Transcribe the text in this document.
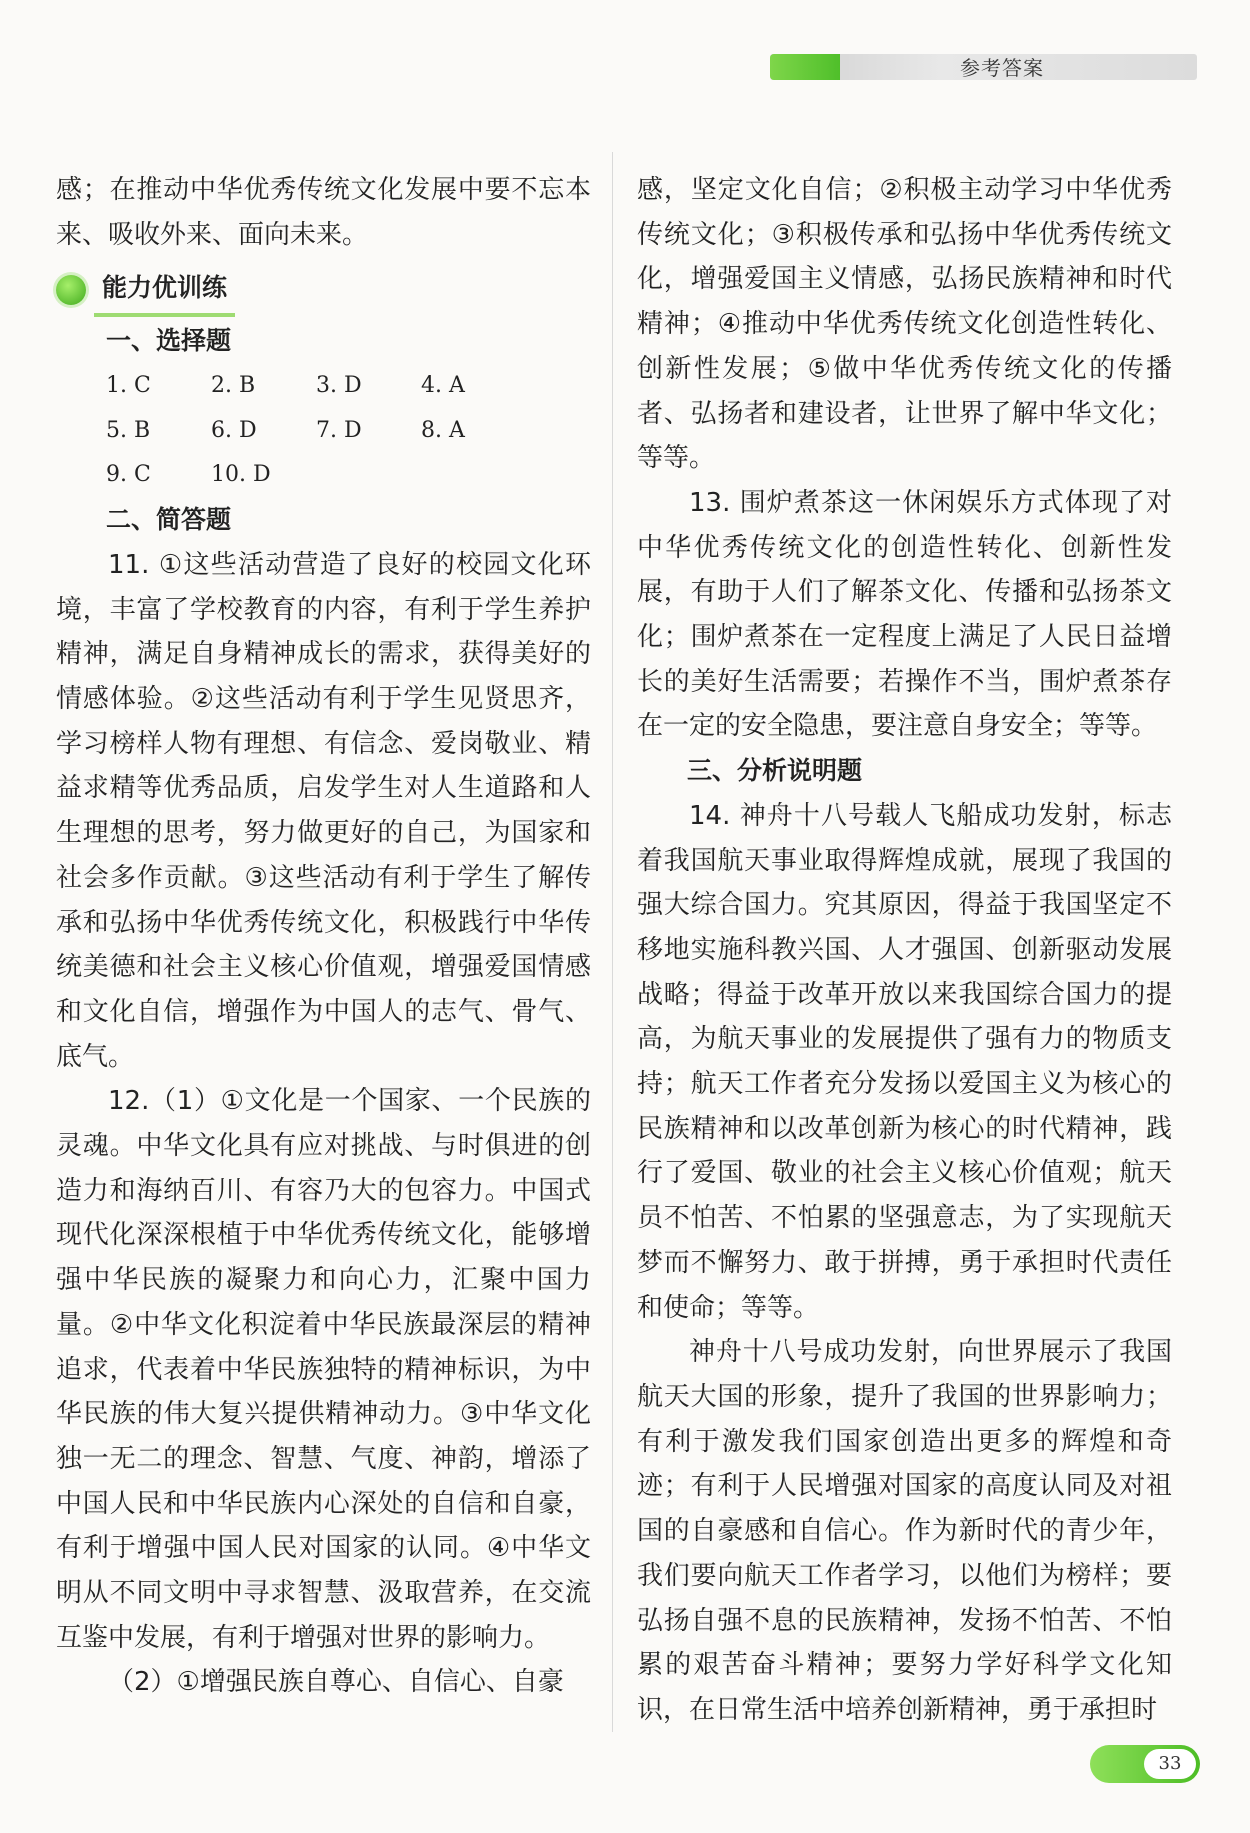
参考答案

感；在推动中华优秀传统文化发展中要不忘本来、吸收外来、面向未来。

能力优训练

一、选择题

1. C	2. B	3. D	4. A
5. B	6. D	7. D	8. A
9. C	10. D

二、简答题

11. ①这些活动营造了良好的校园文化环境，丰富了学校教育的内容，有利于学生养护精神，满足自身精神成长的需求，获得美好的情感体验。②这些活动有利于学生见贤思齐，学习榜样人物有理想、有信念、爱岗敬业、精益求精等优秀品质，启发学生对人生道路和人生理想的思考，努力做更好的自己，为国家和社会多作贡献。③这些活动有利于学生了解传承和弘扬中华优秀传统文化，积极践行中华传统美德和社会主义核心价值观，增强爱国情感和文化自信，增强作为中国人的志气、骨气、底气。

12.（1）①文化是一个国家、一个民族的灵魂。中华文化具有应对挑战、与时俱进的创造力和海纳百川、有容乃大的包容力。中国式现代化深深根植于中华优秀传统文化，能够增强中华民族的凝聚力和向心力，汇聚中国力量。②中华文化积淀着中华民族最深层的精神追求，代表着中华民族独特的精神标识，为中华民族的伟大复兴提供精神动力。③中华文化独一无二的理念、智慧、气度、神韵，增添了中国人民和中华民族内心深处的自信和自豪，有利于增强中国人民对国家的认同。④中华文明从不同文明中寻求智慧、汲取营养，在交流互鉴中发展，有利于增强对世界的影响力。

（2）①增强民族自尊心、自信心、自豪

感，坚定文化自信；②积极主动学习中华优秀传统文化；③积极传承和弘扬中华优秀传统文化，增强爱国主义情感，弘扬民族精神和时代精神；④推动中华优秀传统文化创造性转化、创新性发展；⑤做中华优秀传统文化的传播者、弘扬者和建设者，让世界了解中华文化；等等。

13. 围炉煮茶这一休闲娱乐方式体现了对中华优秀传统文化的创造性转化、创新性发展，有助于人们了解茶文化、传播和弘扬茶文化；围炉煮茶在一定程度上满足了人民日益增长的美好生活需要；若操作不当，围炉煮茶存在一定的安全隐患，要注意自身安全；等等。

三、分析说明题

14. 神舟十八号载人飞船成功发射，标志着我国航天事业取得辉煌成就，展现了我国的强大综合国力。究其原因，得益于我国坚定不移地实施科教兴国、人才强国、创新驱动发展战略；得益于改革开放以来我国综合国力的提高，为航天事业的发展提供了强有力的物质支持；航天工作者充分发扬以爱国主义为核心的民族精神和以改革创新为核心的时代精神，践行了爱国、敬业的社会主义核心价值观；航天员不怕苦、不怕累的坚强意志，为了实现航天梦而不懈努力、敢于拼搏，勇于承担时代责任和使命；等等。

神舟十八号成功发射，向世界展示了我国航天大国的形象，提升了我国的世界影响力；有利于激发我们国家创造出更多的辉煌和奇迹；有利于人民增强对国家的高度认同及对祖国的自豪感和自信心。作为新时代的青少年，我们要向航天工作者学习，以他们为榜样；要弘扬自强不息的民族精神，发扬不怕苦、不怕累的艰苦奋斗精神；要努力学好科学文化知识，在日常生活中培养创新精神，勇于承担时

33
